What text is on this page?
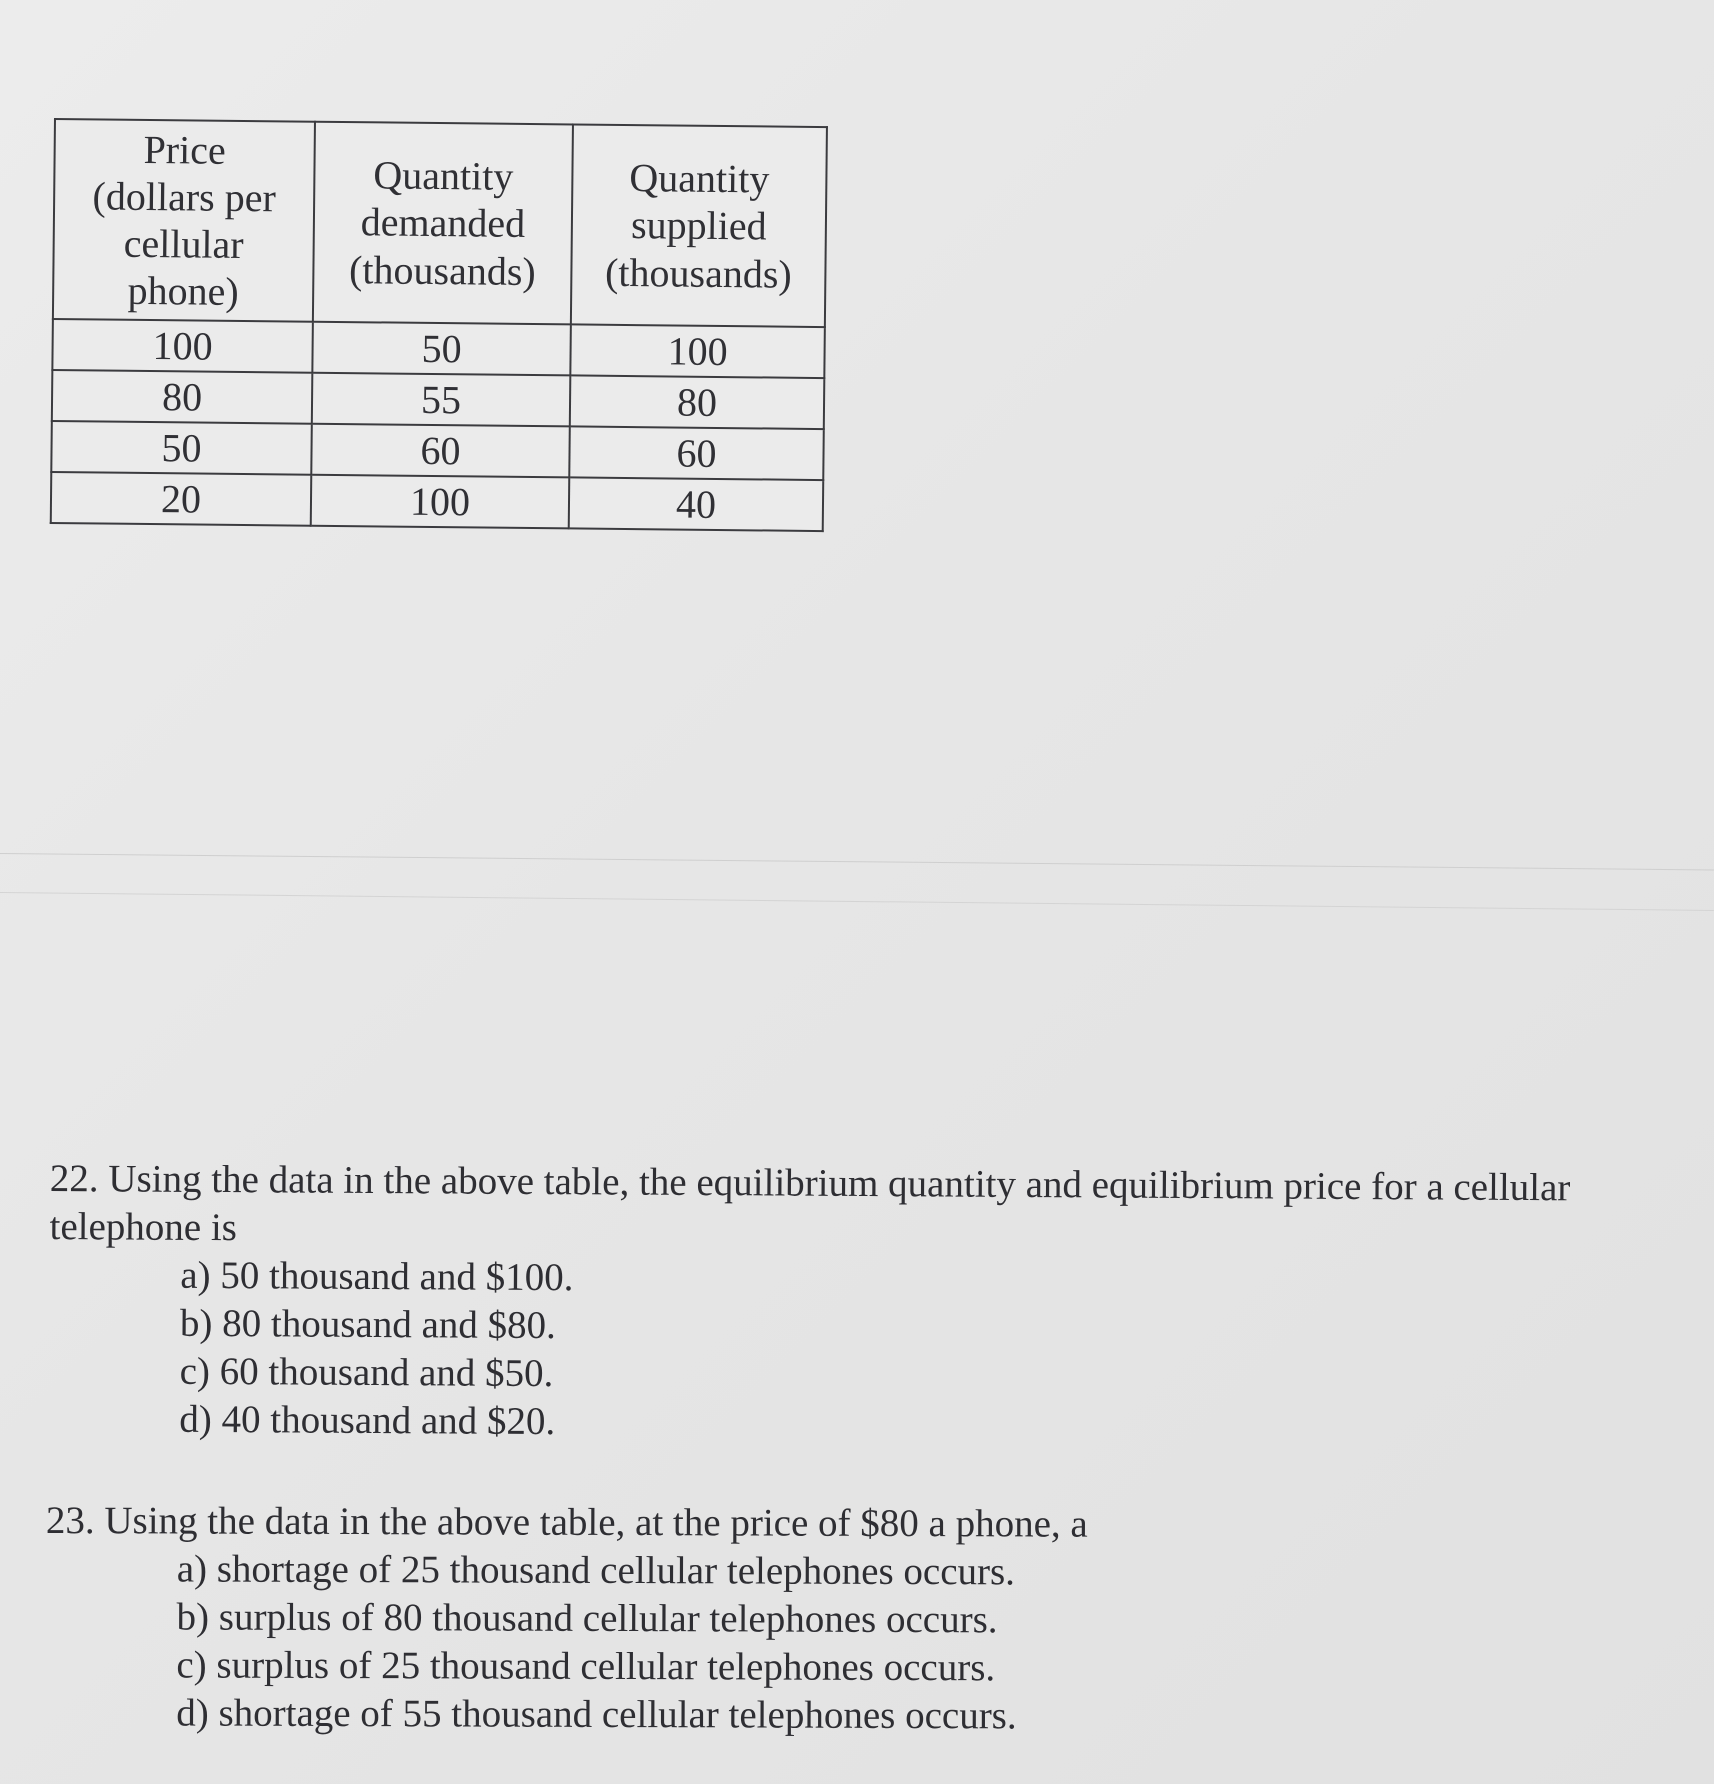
Price
(dollars per
cellular
phone)	Quantity
demanded
(thousands)	Quantity
supplied
(thousands)
100	50	100
80	55	80
50	60	60
20	100	40

22. Using the data in the above table, the equilibrium quantity and equilibrium price for a cellular telephone is

a) 50 thousand and $100.
b) 80 thousand and $80.
c) 60 thousand and $50.
d) 40 thousand and $20.

23. Using the data in the above table, at the price of $80 a phone, a

a) shortage of 25 thousand cellular telephones occurs.
b) surplus of 80 thousand cellular telephones occurs.
c) surplus of 25 thousand cellular telephones occurs.
d) shortage of 55 thousand cellular telephones occurs.
